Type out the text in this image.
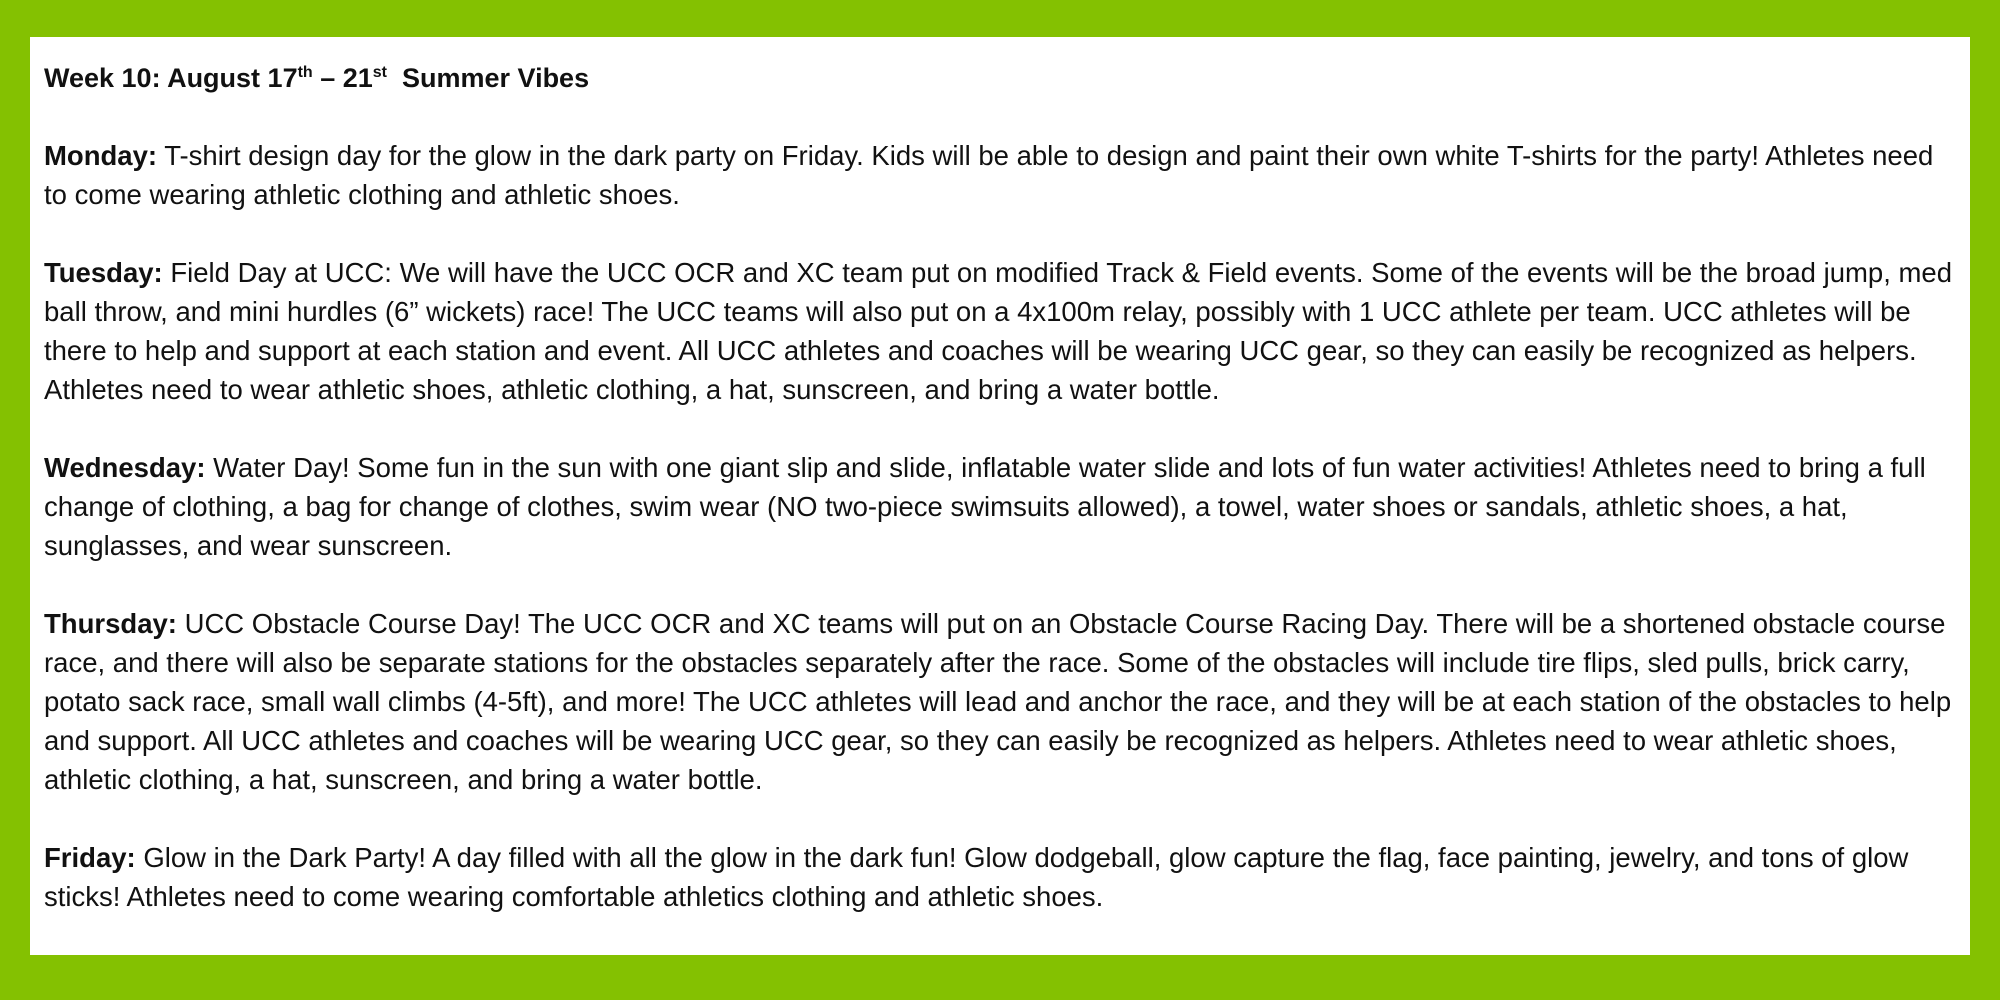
Week 10: August 17th – 21st  Summer Vibes

Monday: T-shirt design day for the glow in the dark party on Friday. Kids will be able to design and paint their own white T-shirts for the party! Athletes need to come wearing athletic clothing and athletic shoes.

Tuesday: Field Day at UCC: We will have the UCC OCR and XC team put on modified Track & Field events. Some of the events will be the broad jump, med ball throw, and mini hurdles (6” wickets) race! The UCC teams will also put on a 4x100m relay, possibly with 1 UCC athlete per team. UCC athletes will be there to help and support at each station and event. All UCC athletes and coaches will be wearing UCC gear, so they can easily be recognized as helpers. Athletes need to wear athletic shoes, athletic clothing, a hat, sunscreen, and bring a water bottle.

Wednesday: Water Day! Some fun in the sun with one giant slip and slide, inflatable water slide and lots of fun water activities! Athletes need to bring a full change of clothing, a bag for change of clothes, swim wear (NO two-piece swimsuits allowed), a towel, water shoes or sandals, athletic shoes, a hat, sunglasses, and wear sunscreen.

Thursday: UCC Obstacle Course Day! The UCC OCR and XC teams will put on an Obstacle Course Racing Day. There will be a shortened obstacle course race, and there will also be separate stations for the obstacles separately after the race. Some of the obstacles will include tire flips, sled pulls, brick carry, potato sack race, small wall climbs (4-5ft), and more! The UCC athletes will lead and anchor the race, and they will be at each station of the obstacles to help and support. All UCC athletes and coaches will be wearing UCC gear, so they can easily be recognized as helpers. Athletes need to wear athletic shoes, athletic clothing, a hat, sunscreen, and bring a water bottle.

Friday: Glow in the Dark Party! A day filled with all the glow in the dark fun! Glow dodgeball, glow capture the flag, face painting, jewelry, and tons of glow sticks! Athletes need to come wearing comfortable athletics clothing and athletic shoes.
